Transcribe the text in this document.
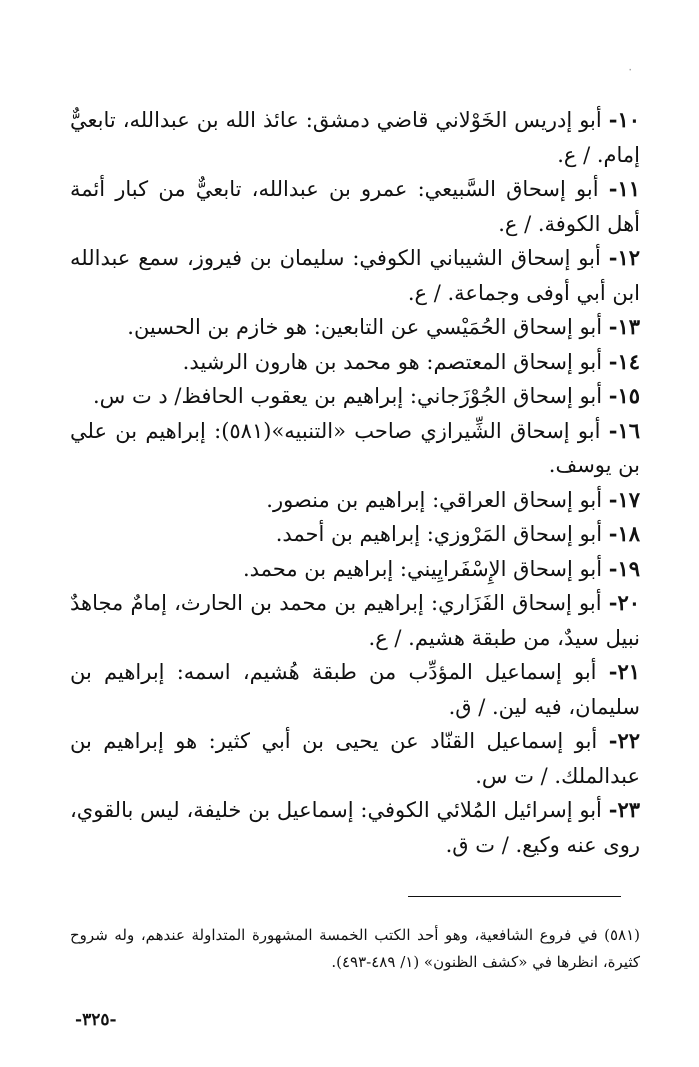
٠

١٠- أبو إدريس الخَوْلاني قاضي دمشق: عائذ الله بن عبدالله، تابعيٌّ إمام. / ع.

١١- أبو إسحاق السَّبيعي: عمرو بن عبدالله، تابعيٌّ من كبار أئمة أهل الكوفة. / ع.

١٢- أبو إسحاق الشيباني الكوفي: سليمان بن فيروز، سمع عبدالله ابن أبي أوفى وجماعة. / ع.

١٣- أبو إسحاق الحُمَيْسي عن التابعين: هو خازم بن الحسين.

١٤- أبو إسحاق المعتصم: هو محمد بن هارون الرشيد.

١٥- أبو إسحاق الجُوْزَجاني: إبراهيم بن يعقوب الحافظ/ د ت س.

١٦- أبو إسحاق الشِّيرازي صاحب «التنبيه»(٥٨١): إبراهيم بن علي بن يوسف.

١٧- أبو إسحاق العراقي: إبراهيم بن منصور.

١٨- أبو إسحاق المَرْوزي: إبراهيم بن أحمد.

١٩- أبو إسحاق الإِسْفَرايِيني: إبراهيم بن محمد.

٢٠- أبو إسحاق الفَزَاري: إبراهيم بن محمد بن الحارث، إمامٌ مجاهدٌ نبيل سيدٌ، من طبقة هشيم. / ع.

٢١- أبو إسماعيل المؤدِّب من طبقة هُشيم، اسمه: إبراهيم بن سليمان، فيه لين. / ق.

٢٢- أبو إسماعيل القنّاد عن يحيى بن أبي كثير: هو إبراهيم بن عبدالملك. / ت س.

٢٣- أبو إسرائيل المُلائي الكوفي: إسماعيل بن خليفة، ليس بالقوي، روى عنه وكيع. / ت ق.

(٥٨١) في فروع الشافعية، وهو أحد الكتب الخمسة المشهورة المتداولة عندهم، وله شروح كثيرة، انظرها في «كشف الظنون» (١/ ٤٨٩-٤٩٣).
-٣٢٥-
